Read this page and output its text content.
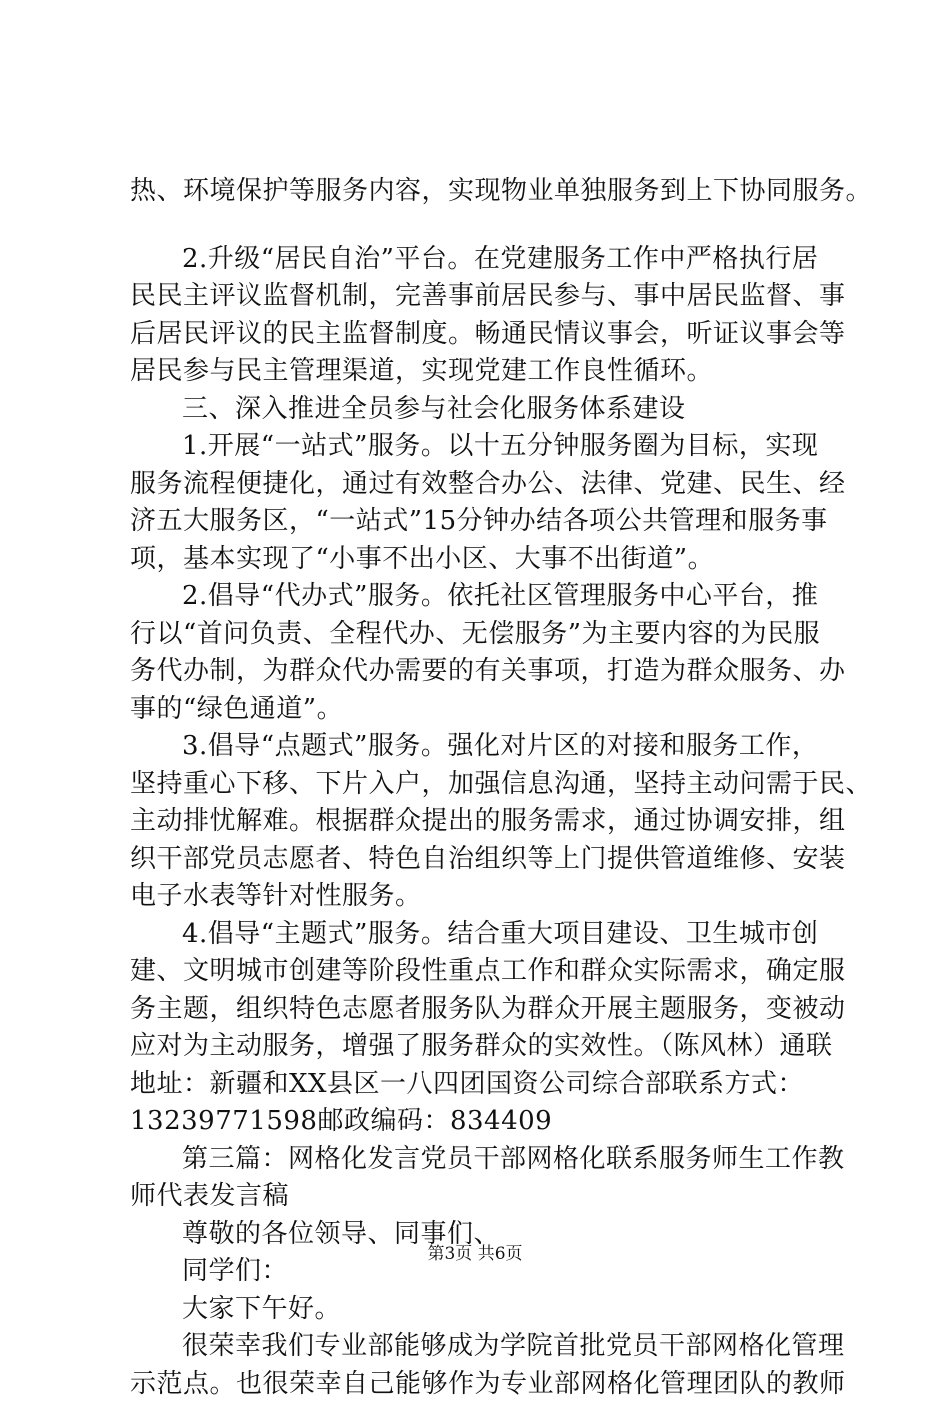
热、环境保护等服务内容，实现物业单独服务到上下协同服务。
2.升级“居民自治”平台。在党建服务工作中严格执行居
民民主评议监督机制，完善事前居民参与、事中居民监督、事
后居民评议的民主监督制度。畅通民情议事会，听证议事会等
居民参与民主管理渠道，实现党建工作良性循环。
三、深入推进全员参与社会化服务体系建设
1.开展“一站式”服务。以十五分钟服务圈为目标，实现
服务流程便捷化，通过有效整合办公、法律、党建、民生、经
济五大服务区，“一站式”15分钟办结各项公共管理和服务事
项，基本实现了“小事不出小区、大事不出街道”。
2.倡导“代办式”服务。依托社区管理服务中心平台，推
行以“首问负责、全程代办、无偿服务”为主要内容的为民服
务代办制，为群众代办需要的有关事项，打造为群众服务、办
事的“绿色通道”。
3.倡导“点题式”服务。强化对片区的对接和服务工作，
坚持重心下移、下片入户，加强信息沟通，坚持主动问需于民、
主动排忧解难。根据群众提出的服务需求，通过协调安排，组
织干部党员志愿者、特色自治组织等上门提供管道维修、安装
电子水表等针对性服务。
4.倡导“主题式”服务。结合重大项目建设、卫生城市创
建、文明城市创建等阶段性重点工作和群众实际需求，确定服
务主题，组织特色志愿者服务队为群众开展主题服务，变被动
应对为主动服务，增强了服务群众的实效性。（陈风林）通联
地址：新疆和XX县区一八四团国资公司综合部联系方式：
13239771598邮政编码：834409
第三篇：网格化发言党员干部网格化联系服务师生工作教
师代表发言稿
尊敬的各位领导、同事们、
同学们：
大家下午好。
很荣幸我们专业部能够成为学院首批党员干部网格化管理
示范点。也很荣幸自己能够作为专业部网格化管理团队的教师
第3页 共6页
